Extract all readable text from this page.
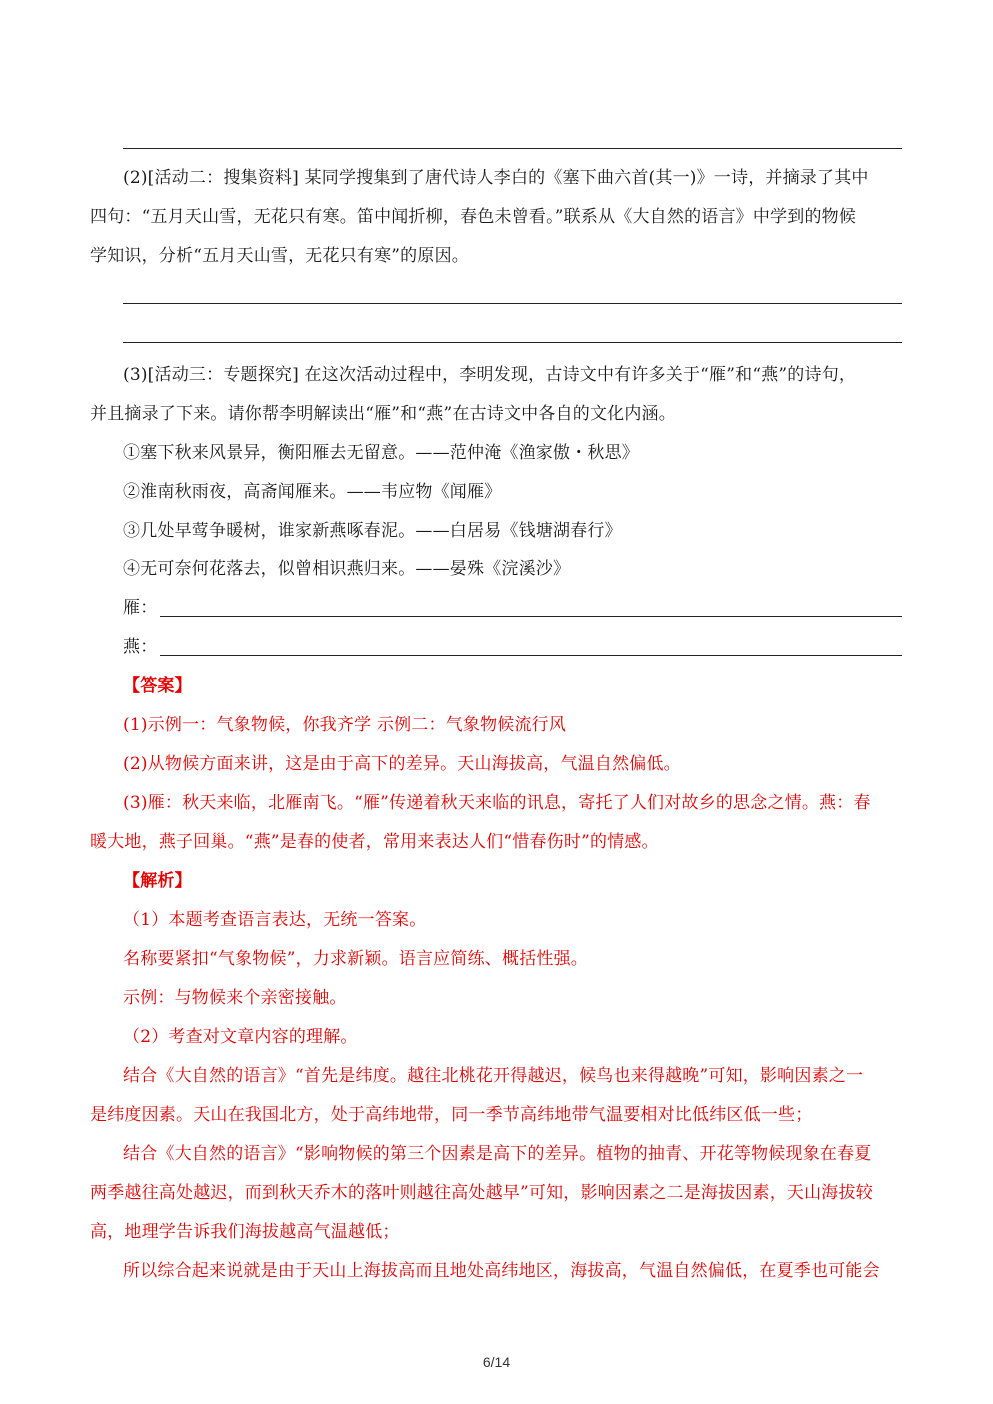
(2)[活动二：搜集资料] 某同学搜集到了唐代诗人李白的《塞下曲六首(其一)》一诗，并摘录了其中
四句：“五月天山雪，无花只有寒。笛中闻折柳，春色未曾看。”联系从《大自然的语言》中学到的物候
学知识，分析“五月天山雪，无花只有寒”的原因。
(3)[活动三：专题探究] 在这次活动过程中，李明发现，古诗文中有许多关于“雁”和“燕”的诗句，
并且摘录了下来。请你帮李明解读出“雁”和“燕”在古诗文中各自的文化内涵。
①塞下秋来风景异，衡阳雁去无留意。——范仲淹《渔家傲・秋思》
②淮南秋雨夜，高斋闻雁来。——韦应物《闻雁》
③几处早莺争暖树，谁家新燕啄春泥。——白居易《钱塘湖春行》
④无可奈何花落去，似曾相识燕归来。——晏殊《浣溪沙》
雁：
燕：
【答案】
(1)示例一：气象物候，你我齐学 示例二：气象物候流行风
(2)从物候方面来讲，这是由于高下的差异。天山海拔高，气温自然偏低。
(3)雁：秋天来临，北雁南飞。“雁”传递着秋天来临的讯息，寄托了人们对故乡的思念之情。燕：春
暖大地，燕子回巢。“燕”是春的使者，常用来表达人们“惜春伤时”的情感。
【解析】
（1）本题考查语言表达，无统一答案。
名称要紧扣“气象物候”，力求新颖。语言应简练、概括性强。
示例：与物候来个亲密接触。
（2）考查对文章内容的理解。
结合《大自然的语言》“首先是纬度。越往北桃花开得越迟，候鸟也来得越晚”可知，影响因素之一
是纬度因素。天山在我国北方，处于高纬地带，同一季节高纬地带气温要相对比低纬区低一些；
结合《大自然的语言》“影响物候的第三个因素是高下的差异。植物的抽青、开花等物候现象在春夏
两季越往高处越迟，而到秋天乔木的落叶则越往高处越早”可知，影响因素之二是海拔因素，天山海拔较
高，地理学告诉我们海拔越高气温越低；
所以综合起来说就是由于天山上海拔高而且地处高纬地区，海拔高，气温自然偏低，在夏季也可能会
6/14
